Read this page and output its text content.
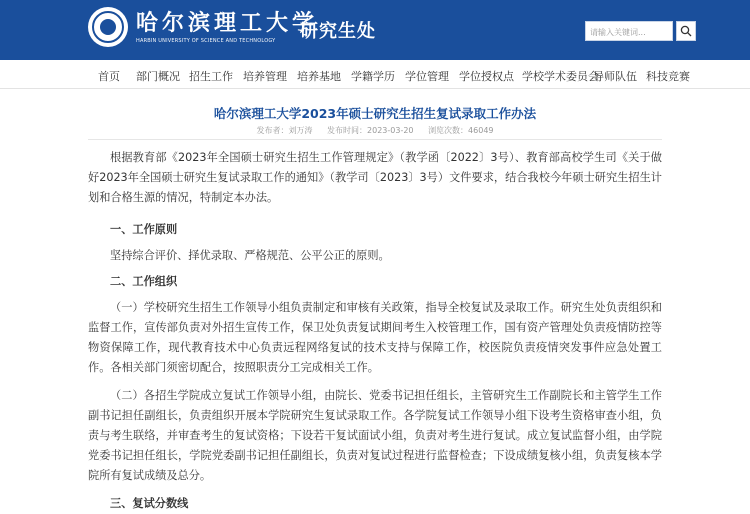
哈尔滨理工大学
HARBIN UNIVERSITY OF SCIENCE AND TECHNOLOGY	研究生处	请输入关键词...
首页 部门概况 招生工作 培养管理 培养基地 学籍学历 学位管理 学位授权点 学校学术委员会
导师队伍 科技竞赛
哈尔滨理工大学2023年硕士研究生招生复试录取工作办法
发布者：刘万涛 发布时间：2023-03-20 浏览次数：46049
根据教育部《2023年全国硕士研究生招生工作管理规定》（教学函〔2022〕3号）、教育部高校学生司《关于做好2023年全国硕士研究生复试录取工作的通知》（教学司〔2023〕3号）文件要求，结合我校今年硕士研究生招生计划和合格生源的情况，特制定本办法。
一、工作原则
坚持综合评价、择优录取、严格规范、公平公正的原则。
二、工作组织
（一）学校研究生招生工作领导小组负责制定和审核有关政策，指导全校复试及录取工作。研究生处负责组织和监督工作，宣传部负责对外招生宣传工作，保卫处负责复试期间考生入校管理工作，国有资产管理处负责疫情防控等物资保障工作，现代教育技术中心负责远程网络复试的技术支持与保障工作，校医院负责疫情突发事件应急处置工作。各相关部门须密切配合，按照职责分工完成相关工作。
（二）各招生学院成立复试工作领导小组，由院长、党委书记担任组长，主管研究生工作副院长和主管学生工作副书记担任副组长，负责组织开展本学院研究生复试录取工作。各学院复试工作领导小组下设考生资格审查小组，负责与考生联络，并审查考生的复试资格；下设若干复试面试小组，负责对考生进行复试。成立复试监督小组，由学院党委书记担任组长，学院党委副书记担任副组长，负责对复试过程进行监督检查；下设成绩复核小组，负责复核本学院所有复试成绩及总分。
三、复试分数线
